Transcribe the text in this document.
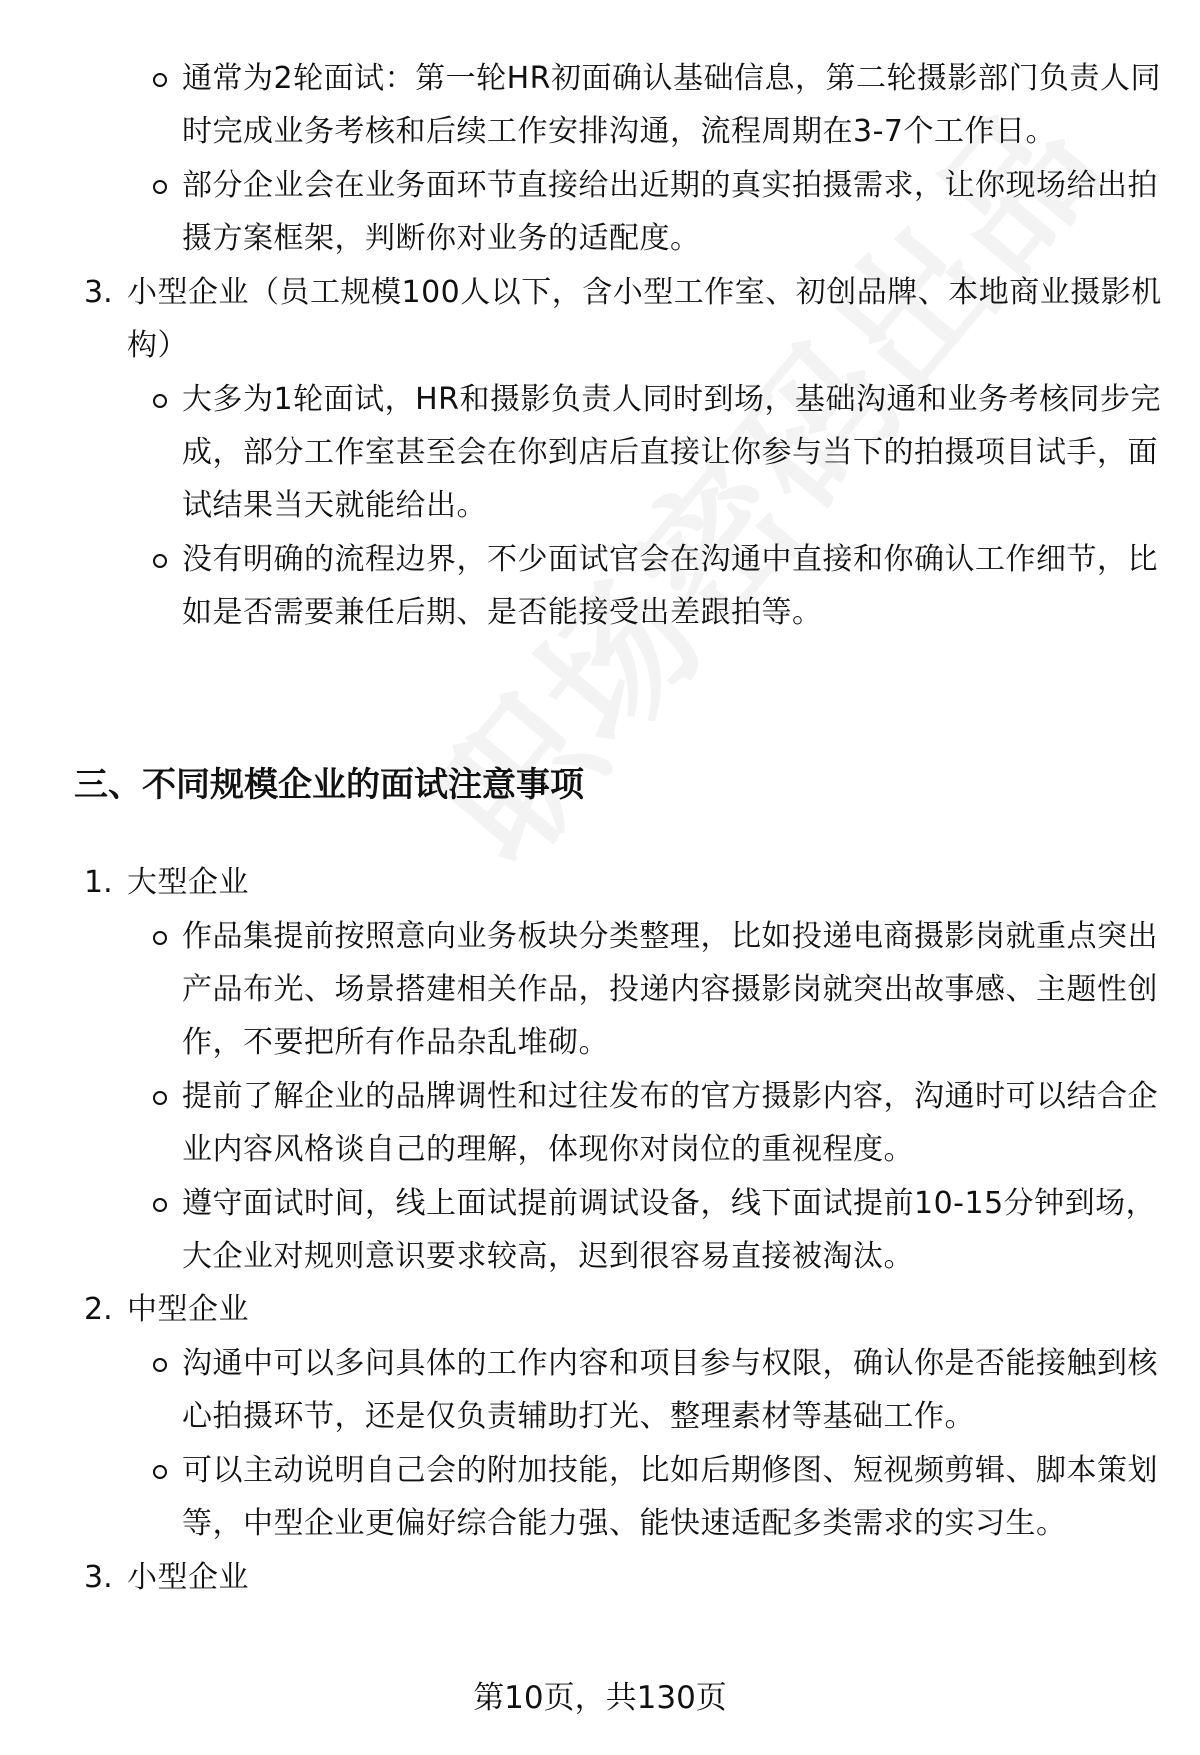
通常为2轮面试：第一轮HR初面确认基础信息，第二轮摄影部门负责人同
时完成业务考核和后续工作安排沟通，流程周期在3-7个工作日。
部分企业会在业务面环节直接给出近期的真实拍摄需求，让你现场给出拍
摄方案框架，判断你对业务的适配度。
3. 小型企业（员工规模100人以下，含小型工作室、初创品牌、本地商业摄影机
构）
大多为1轮面试，HR和摄影负责人同时到场，基础沟通和业务考核同步完
成，部分工作室甚至会在你到店后直接让你参与当下的拍摄项目试手，面
试结果当天就能给出。
没有明确的流程边界，不少面试官会在沟通中直接和你确认工作细节，比
如是否需要兼任后期、是否能接受出差跟拍等。
三、不同规模企业的面试注意事项
1. 大型企业
作品集提前按照意向业务板块分类整理，比如投递电商摄影岗就重点突出
产品布光、场景搭建相关作品，投递内容摄影岗就突出故事感、主题性创
作，不要把所有作品杂乱堆砌。
提前了解企业的品牌调性和过往发布的官方摄影内容，沟通时可以结合企
业内容风格谈自己的理解，体现你对岗位的重视程度。
遵守面试时间，线上面试提前调试设备，线下面试提前10-15分钟到场，
大企业对规则意识要求较高，迟到很容易直接被淘汰。
2. 中型企业
沟通中可以多问具体的工作内容和项目参与权限，确认你是否能接触到核
心拍摄环节，还是仅负责辅助打光、整理素材等基础工作。
可以主动说明自己会的附加技能，比如后期修图、短视频剪辑、脚本策划
等，中型企业更偏好综合能力强、能快速适配多类需求的实习生。
3. 小型企业
第10页，共130页
